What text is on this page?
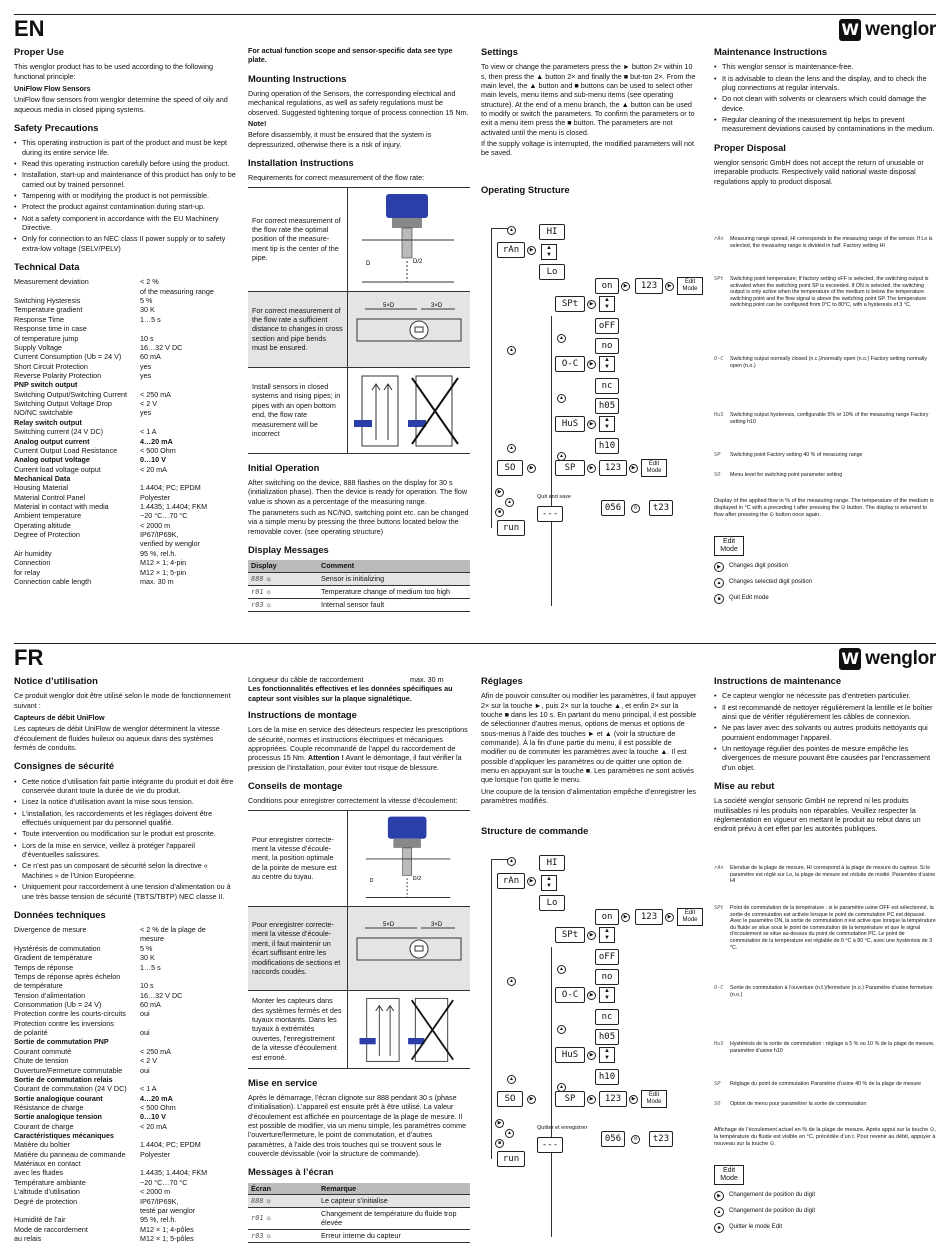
EN	W wenglor
Proper Use

This wenglor product has to be used according to the following functional principle:

UniFlow Flow Sensors

UniFlow flow sensors from wenglor determine the speed of oily and aqueous media in closed piping systems.

Safety Precautions
• This operating instruction is part of the product and must be kept during its entire service life.
• Read this operating instruction carefully before using the product.
• Installation, start-up and maintenance of this product has only to be carried out by trained personnel.
• Tampering with or modifying the product is not permissible.
• Protect the product against contamination during start-up.
• Not a safety component in accordance with the EU Machinery Directive.
• Only for connection to an NEC class II power supply or to safety extra-low voltage (SELV/PELV)
Technical Data
Measurement deviation	< 2 %
of the measuring range
Switching Hysteresis	5 %
Temperature gradient	30 K
Response Time	1…5 s
Response time in case
of temperature jump	10 s
Supply Voltage	16…32 V DC
Current Consumption (Ub = 24 V)	60 mA
Short Circuit Protection	yes
Reverse Polarity Protection	yes
PNP switch output
Switching Output/Switching Current	< 250 mA
Switching Output Voltage Drop	< 2 V
NO/NC switchable	yes
Relay switch output
Switching current (24 V DC)	< 1 A
Analog output current	4…20 mA
Current Output Load Resistance	< 500 Ohm
Analog output voltage	0…10 V
Current load voltage output	< 20 mA
Mechanical Data
Housing Material	1.4404; PC; EPDM
Material Control Panel	Polyester
Material in contact with media	1.4435; 1.4404; FKM
Ambient temperature	−20 °C…70 °C
Operating altitude	< 2000 m
Degree of Protection	IP67/IP69K,
verified by wenglor
Air humidity	95 %, rel.h.
Connection	M12 × 1; 4-pin
for relay	M12 × 1; 5-pin
Connection cable length	max. 30 m

For actual function scope and sensor-specific data see type plate.

Mounting Instructions

During operation of the Sensors, the corresponding electrical and mechanical regulations, as well as safety regulations must be observed. Suggested tightening torque of process connection 15 Nm.

Note!

Before disassembly, it must be ensured that the system is depressurized, otherwise there is a risk of injury.

Installation Instructions

Requirements for correct measurement of the flow rate:

For correct measurement of the flow rate the optimal position of the measure-ment tip is the center of the pipe.	D/2
D
For correct measurement of the flow rate a sufficient distance to changes in cross section and pipe bends must be ensured.
5×D	3×D
Install sensors in closed systems and rising pipes; in pipes with an open bottom end, the flow rate measurement will be incorrect
Initial Operation

After switching on the device, 888 flashes on the display for 30 s (initialization phase). Then the device is ready for operation. The flow value is shown as a percentage of the measuring range.

The parameters such as NC/NO, switching point etc. can be changed via a simple menu by pressing the three buttons located below the removable cover. (see operating structure)

Display Messages
Display	Comment
888 ☼	Sensor is initializing
r01 ☼	Temperature change of medium too high
r03 ☼	Internal sensor fault
Settings

To view or change the parameters press the ► button 2× within 10 s, then press the ▲ button 2× and finally the ■ but-ton 2×. From the main level, the ▲ button and ■ buttons can be used to select other main levels, menu items and sub-menu items (see operating structure). At the end of a menu branch, the ▲ button can be used to modify or switch the parameters. To confirm the parameters or to exit a menu item press the ■ button. The parameters are not activated until the menu is closed.

If the supply voltage is interrupted, the modified parameters will not be saved.

Operating Structure
▲
rAn	▶
HI
▲
▼
Lo
▲
SPt	▶
▲
▼
on	▶	123	▶
Edit Mode
oFF
no
▲
O-C	▶
▲
▼
nc
h05
▲
HuS	▶
▲
▼
h10
▲
SP	▶	123	▶
Edit Mode
SO	▶
▲
Quit and save
---
▶
▲
■
run
056	⊙	t23
Maintenance Instructions
• This wenglor sensor is maintenance-free.
• It is advisable to clean the lens and the display, and to check the plug connections at regular intervals.
• Do not clean with solvents or cleansers which could damage the device.
• Regular cleaning of the measurement tip helps to prevent measurement deviations caused by contaminations in the medium.
Proper Disposal

wenglor sensoric GmbH does not accept the return of unusable or irreparable products. Respectively valid national waste disposal regulations apply to product disposal.

rAn	Measuring range spread, HI corresponds to the measuring range of the sensor. If Lo is selected, the measuring range is divided in half. Factory setting HI
SPt	Switching point temperature; If factory setting oFF is selected, the switching output is activated when the switching point SP is exceeded. If ON is selected, the switching output is only active when the temperature of the medium is below the temperature switching point and the flow signal is above the switching point SP. The temperature switching point can be configured from 0°C to 80°C, with a hysteresis of 3 °C.
O-C	Switching output normally closed (n.c.)/normally open (n.o.) Factory setting normally open (n.o.)
HuS	Switching output hysteresis, configurable 5% or 10% of the measuring range Factory setting h10
SP	Switching point Factory setting 40 % of measuring range
SO	Menu level for switching point parameter setting
Display of the applied flow in % of the measuring range. The temperature of the medium is displayed in °C with a preceding t after pressing the ⊙ button. The display is returned to flow after pressing the ⊙ button once again.
Edit Mode
▶	Changes digit position
▲	Changes selected digit position
■	Quit Edit mode
FR	W wenglor
Notice d’utilisation

Ce produit wenglor doit être utilisé selon le mode de fonctionnement suivant :

Capteurs de débit UniFlow

Les capteurs de débit UniFlow de wenglor déterminent la vitesse d’écoulement de fluides huileux ou aqueux dans des systèmes fermés de conduits.

Consignes de sécurité
• Cette notice d’utilisation fait partie intégrante du produit et doit être conservée durant toute la durée de vie du produit.
• Lisez la notice d’utilisation avant la mise sous tension.
• L’installation, les raccordements et les réglages doivent être effectués uniquement par du personnel qualifié.
• Toute intervention ou modification sur le produit est proscrite.
• Lors de la mise en service, veillez à protéger l’appareil d’éventuelles salissures.
• Ce n’est pas un composant de sécurité selon la directive « Machines » de l’Union Européenne.
• Uniquement pour raccordement à une tension d’alimentation ou à une très basse tension de sécurité (TBTS/TBTP) NEC classe II.
Données techniques
Divergence de mesure	< 2 % de la plage de
mesure
Hystérésis de commutation	5 %
Gradient de température	30 K
Temps de réponse	1…5 s
Temps de réponse après échelon
de température	10 s
Tension d’alimentation	16…32 V DC
Consommation (Ub = 24 V)	60 mA
Protection contre les courts-circuits	oui
Protection contre les inversions
de polarité	oui
Sortie de commutation PNP
Courant commuté	< 250 mA
Chute de tension	< 2 V
Ouverture/Fermeture commutable	oui
Sortie de commutation relais
Courant de commutation (24 V DC)	< 1 A
Sortie analogique courant	4…20 mA
Résistance de charge	< 500 Ohm
Sortie analogique tension	0…10 V
Courant de charge	< 20 mA
Caractéristiques mécaniques
Matière du boîtier	1.4404; PC; EPDM
Matière du panneau de commande	Polyester
Matériaux en contact
avec les fluides	1.4435; 1.4404; FKM
Température ambiante	−20 °C…70 °C
L’altitude d’utilisation	< 2000 m
Degré de protection	IP67/IP69K,
testé par wenglor
Humidité de l’air	95 %, rel.h.
Mode de raccordement	M12 × 1; 4-pôles
au relais	M12 × 1; 5-pôles
Longueur du câble de raccordement	max. 30 m

Les fonctionnalités effectives et les données spécifiques au capteur sont visibles sur la plaque signalétique.

Instructions de montage

Lors de la mise en service des détecteurs respectez les prescriptions de sécurité, normes et instructions électriques et mécaniques appropriées. Couple recommandé de l’appel du raccordement de processus 15 Nm. Attention ! Avant le démontage, il faut vérifier la pression de l’installation, pour éviter tout risque de blessure.

Conseils de montage

Conditions pour enregistrer correctement la vitesse d’écoulement:

Pour enregistrer correcte-ment la vitesse d’écoule-ment, la position optimale de la pointe de mesure est au centre du tuyau.	D/2
D
Pour enregistrer correcte-ment la vitesse d’écoule-ment, il faut maintenir un écart suffisant entre les modifications de sections et raccords coudés.
5×D	3×D
Monter les capteurs dans des systèmes fermés et des tuyaux montants. Dans les tuyaux à extrémités ouvertes, l’enregistrement de la vitesse d’écoulement est erroné.
Mise en service

Après le démarrage, l’écran clignote sur 888 pendant 30 s (phase d’initialisation). L’appareil est ensuite prêt à être utilisé. La valeur d’écoulement est affichée en pourcentage de la plage de mesure. Il est possible de modifier, via un menu simple, les paramètres comme l’ouverture/fermeture, le point de commutation, et d’autres paramètres, à l’aide des trois touches qui se trouvent sous le couvercle dévissable (voir la structure de commande).

Messages à l’écran
Écran	Remarque
888 ☼	Le capteur s’initialise
r01 ☼	Changement de température du fluide trop élevée
r03 ☼	Erreur interne du capteur
Réglages

Afin de pouvoir consulter ou modifier les paramètres, il faut appuyer 2× sur la touche ►, puis 2× sur la touche ▲, et enfin 2× sur la touche ■ dans les 10 s. En partant du menu principal, il est possible de sélectionner d’autres menus, options de menus et options de sous-menus à l’aide des touches ► et ▲ (voir la structure de commande). À la fin d’une partie du menu, il est possible de modifier ou de commuter les paramètres avec la touche ▲. Il est possible d’appliquer les paramètres ou de quitter une option de menu en appuyant sur la touche ■. Les paramètres ne sont activés que lorsque l’on quitte le menu.

Une coupure de la tension d’alimentation empêche d’enregistrer les paramètres modifiés.

Structure de commande
▲
rAn	▶
HI
▲
▼
Lo
▲
SPt	▶
▲
▼
on	▶	123	▶
Edit Mode
oFF
no
▲
O-C	▶
▲
▼
nc
h05
▲
HuS	▶
▲
▼
h10
▲
SP	▶	123	▶
Edit Mode
SO	▶
▲
Quitter et enregistrer
---
▶
▲
■
run
056	⊙	t23
Instructions de maintenance
• Ce capteur wenglor ne nécessite pas d’entretien particulier.
• Il est recommandé de nettoyer régulièrement la lentille et le boîtier ainsi que de vérifier régulièrement les câbles de connexion.
• Ne pas laver avec des solvants ou autres produits nettoyants qui pourraient endommager l’appareil.
• Un nettoyage régulier des pointes de mesure empêche les divergences de mesure pouvant être causées par l’encrassement d’un objet.
Mise au rebut

La société wenglor sensoric GmbH ne reprend ni les produits inutilisables ni les produits non réparables. Veuillez respecter la réglementation en vigueur en mettant le produit au rebut dans un endroit prévu à cet effet par les autorités publiques.

rAn	Etendue de la plage de mesure, HI correspond à la plage de mesure du capteur. Si le paramètre est réglé sur Lo, la plage de mesure est réduite de moitié. Paramètre d’usine HI
SPt	Point de commutation de la température : si le paramètre usine OFF est sélectionné, la sortie de commutation est activée lorsque le point de commutation PC est dépassé. Avec le paramètre ON, la sortie de commutation n’est active que lorsque la température du fluide se situe sous le point de commutation de la température et que le signal d’écoulement se situe au-dessus du point de commutation PC. Le point de commutation de la température est réglable de 0 °C à 80 °C, avec une hystérésis de 3 °C.
O-C	Sortie de commutation à l’ouverture (n.f.)/fermeture (n.o.) Paramètre d’usine fermeture (n.o.)
HuS	Hystérésis de la sortie de commutation : réglage à 5 % ou 10 % de la plage de mesure, paramètre d’usine h10
SP	Réglage du point de commutation Paramètre d’usine 40 % de la plage de mesure
SO	Option de menu pour paramétrer la sortie de commutation
Affichage de l’écoulement actuel en % de la plage de mesure. Après appui sur la touche ⊙, la température du fluide est visible en °C, précédée d’un t. Pour revenir au débit, appuyer à nouveau sur la touche ⊙.
Edit Mode
▶	Changement de position du digit
▲	Changement de position du digit
■	Quitter le mode Edit
